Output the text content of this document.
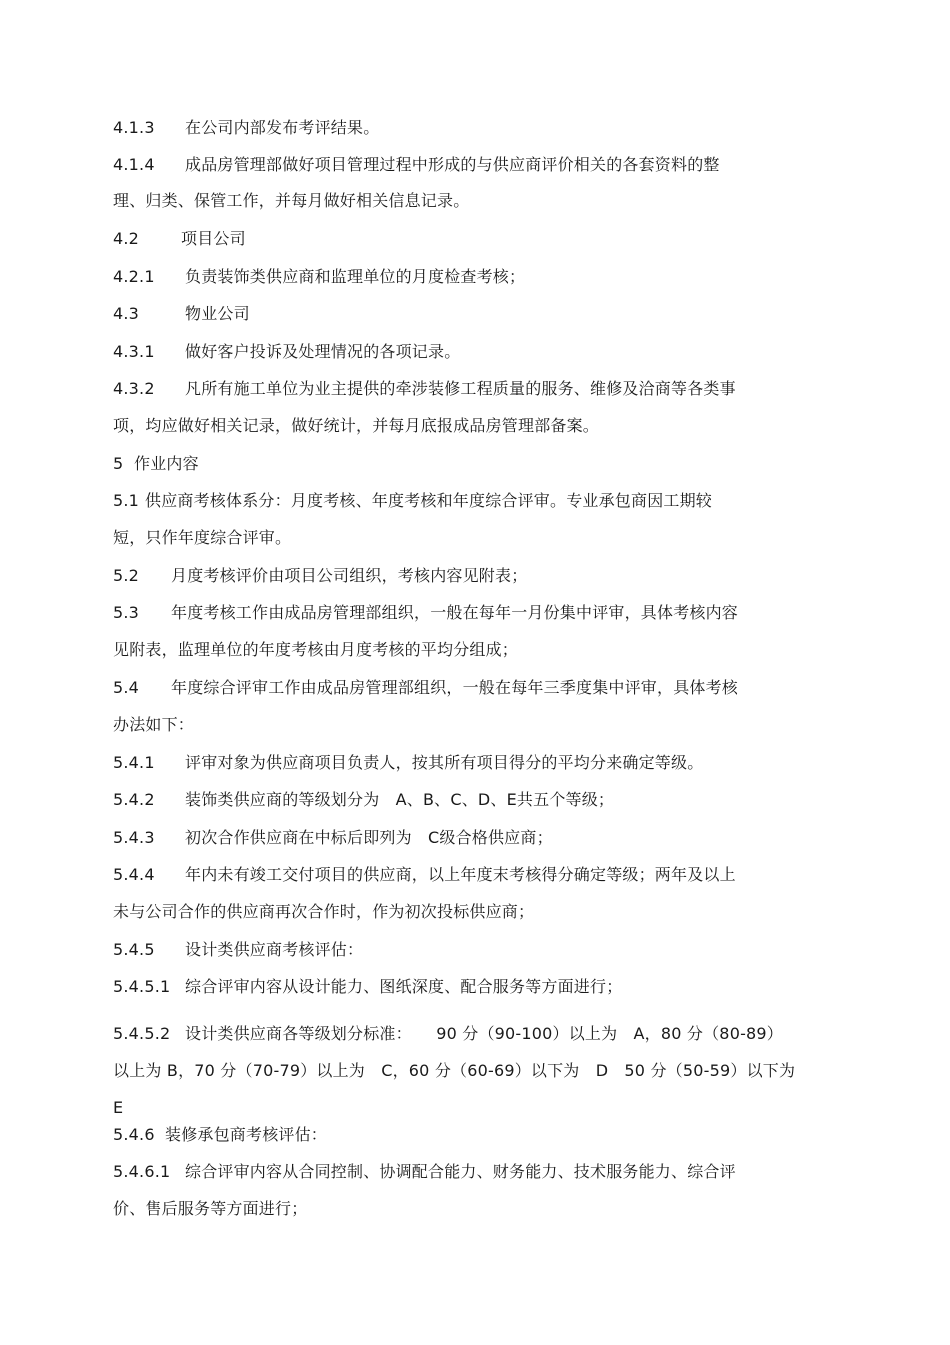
4.1.3 在公司内部发布考评结果。
4.1.4 成品房管理部做好项目管理过程中形成的与供应商评价相关的各套资料的整
理、归类、保管工作，并每月做好相关信息记录。
4.2	项目公司
4.2.1 负责装饰类供应商和监理单位的月度检查考核；
4.3	物业公司
4.3.1 做好客户投诉及处理情况的各项记录。
4.3.2 凡所有施工单位为业主提供的牵涉装修工程质量的服务、维修及洽商等各类事
项，均应做好相关记录，做好统计，并每月底报成品房管理部备案。
5 作业内容
5.1 供应商考核体系分：月度考核、年度考核和年度综合评审。专业承包商因工期较
短，只作年度综合评审。
5.2 月度考核评价由项目公司组织，考核内容见附表；
5.3 年度考核工作由成品房管理部组织，一般在每年一月份集中评审，具体考核内容
见附表，监理单位的年度考核由月度考核的平均分组成；
5.4 年度综合评审工作由成品房管理部组织，一般在每年三季度集中评审，具体考核
办法如下：
5.4.1 评审对象为供应商项目负责人，按其所有项目得分的平均分来确定等级。
5.4.2 装饰类供应商的等级划分为　A、B、C、D、E共五个等级；
5.4.3 初次合作供应商在中标后即列为　C级合格供应商；
5.4.4 年内未有竣工交付项目的供应商，以上年度末考核得分确定等级；两年及以上
未与公司合作的供应商再次合作时，作为初次投标供应商；
5.4.5 设计类供应商考核评估：
5.4.5.1 综合评审内容从设计能力、图纸深度、配合服务等方面进行；
5.4.5.2 设计类供应商各等级划分标准：　　90 分（90-100）以上为　A，80 分（80-89）
以上为 B，70 分（70-79）以上为　C，60 分（60-69）以下为　D　50 分（50-59）以下为
E
5.4.6 装修承包商考核评估：
5.4.6.1 综合评审内容从合同控制、协调配合能力、财务能力、技术服务能力、综合评
价、售后服务等方面进行；
